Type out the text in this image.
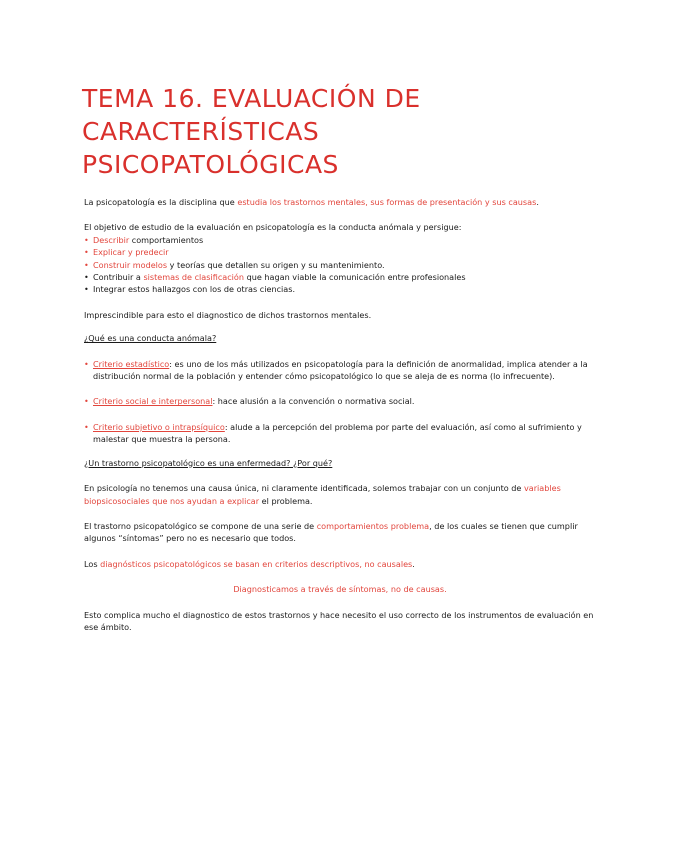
TEMA 16. EVALUACIÓN DE
CARACTERÍSTICAS
PSICOPATOLÓGICAS

La psicopatología es la disciplina que estudia los trastornos mentales, sus formas de presentación y sus causas.

El objetivo de estudio de la evaluación en psicopatología es la conducta anómala y persigue:

• Describir comportamientos
• Explicar y predecir
• Construir modelos y teorías que detallen su origen y su mantenimiento.
• Contribuir a sistemas de clasificación que hagan viable la comunicación entre profesionales
• Integrar estos hallazgos con los de otras ciencias.

Imprescindible para esto el diagnostico de dichos trastornos mentales.

¿Qué es una conducta anómala?

• Criterio estadístico: es uno de los más utilizados en psicopatología para la definición de anormalidad, implica atender a la distribución normal de la población y entender cómo psicopatológico lo que se aleja de es norma (lo infrecuente).
• Criterio social e interpersonal: hace alusión a la convención o normativa social.
• Criterio subjetivo o intrapsíquico: alude a la percepción del problema por parte del evaluación, así como al sufrimiento y malestar que muestra la persona.

¿Un trastorno psicopatológico es una enfermedad? ¿Por qué?

En psicología no tenemos una causa única, ni claramente identificada, solemos trabajar con un conjunto de variables biopsicosociales que nos ayudan a explicar el problema.

El trastorno psicopatológico se compone de una serie de comportamientos problema, de los cuales se tienen que cumplir algunos “síntomas” pero no es necesario que todos.

Los diagnósticos psicopatológicos se basan en criterios descriptivos, no causales.

Diagnosticamos a través de síntomas, no de causas.

Esto complica mucho el diagnostico de estos trastornos y hace necesito el uso correcto de los instrumentos de evaluación en ese ámbito.
